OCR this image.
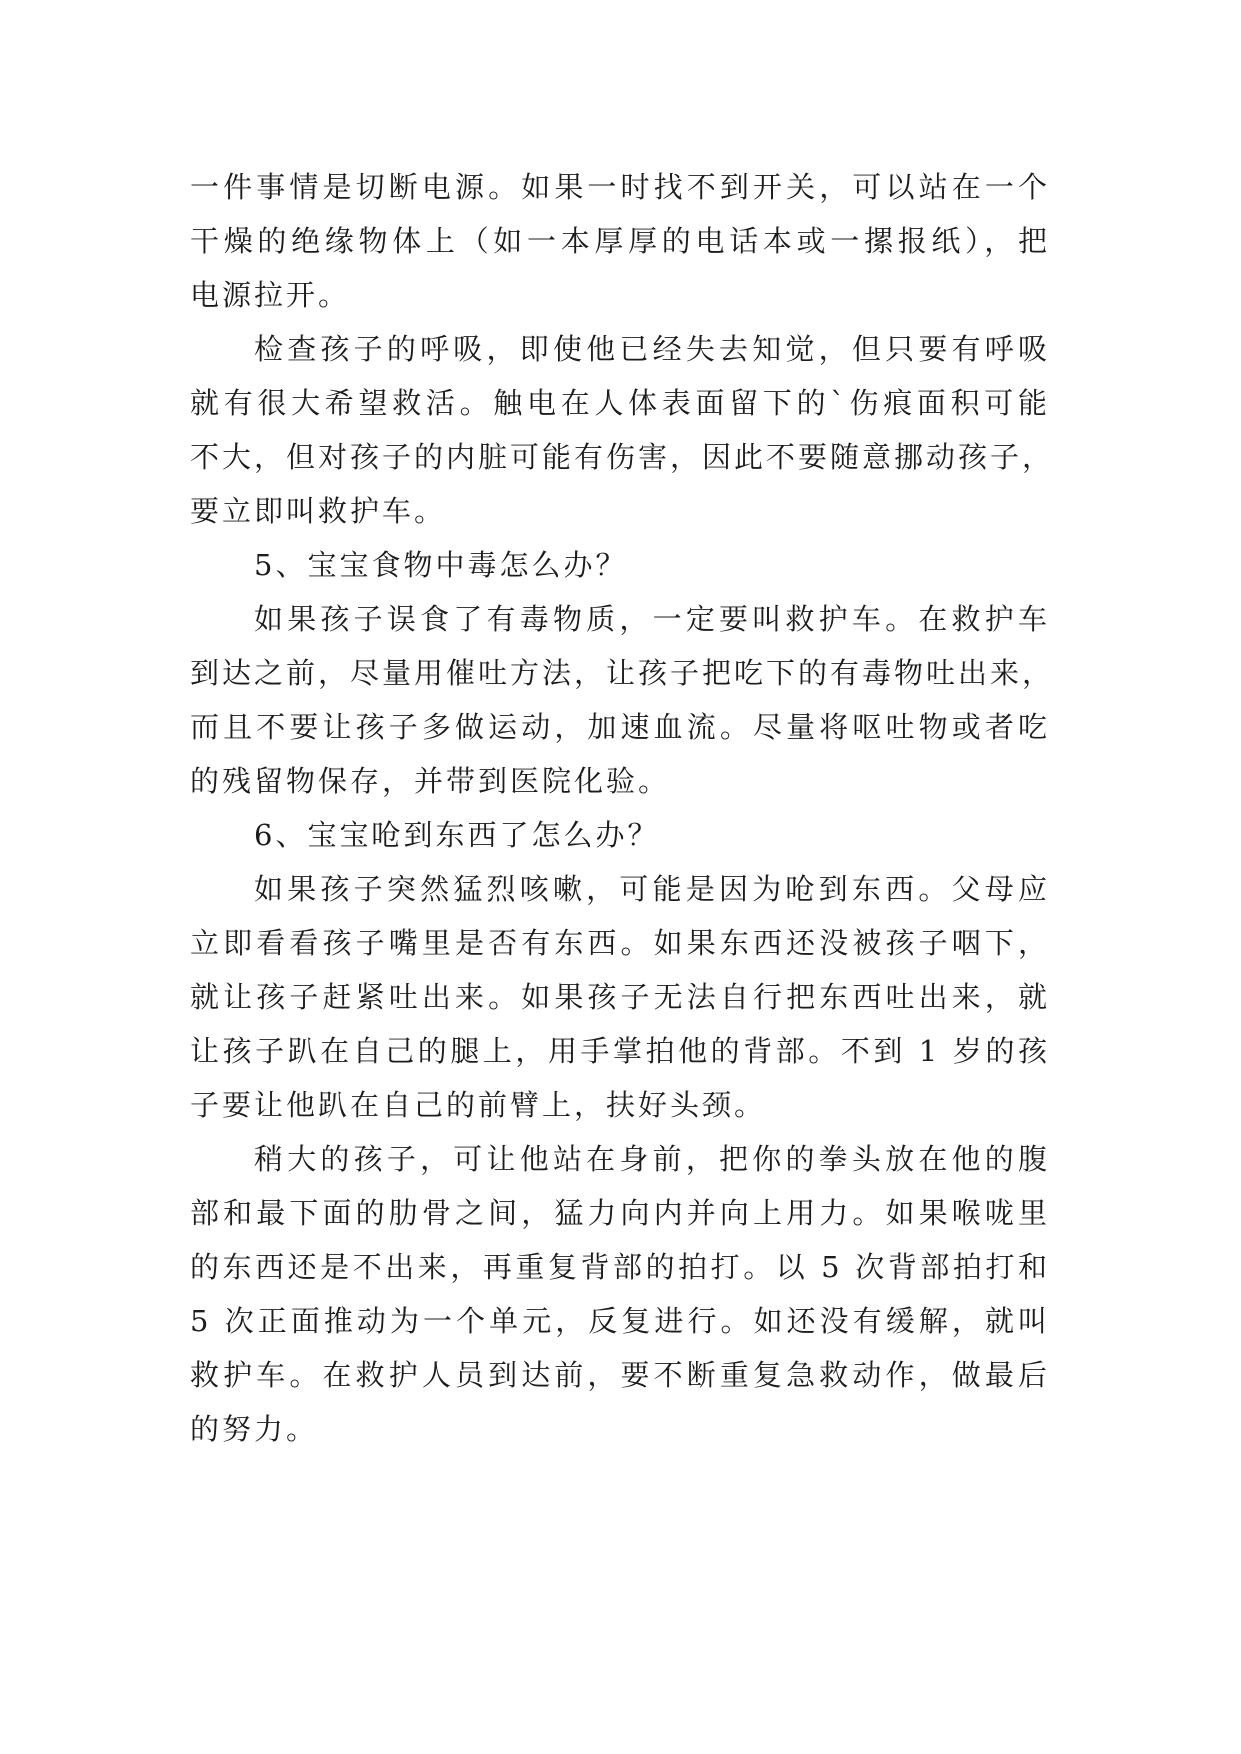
一件事情是切断电源。如果一时找不到开关，可以站在一个
干燥的绝缘物体上（如一本厚厚的电话本或一摞报纸），把
电源拉开。
检查孩子的呼吸，即使他已经失去知觉，但只要有呼吸
就有很大希望救活。触电在人体表面留下的`伤痕面积可能
不大，但对孩子的内脏可能有伤害，因此不要随意挪动孩子，
要立即叫救护车。
5、宝宝食物中毒怎么办？
如果孩子误食了有毒物质，一定要叫救护车。在救护车
到达之前，尽量用催吐方法，让孩子把吃下的有毒物吐出来，
而且不要让孩子多做运动，加速血流。尽量将呕吐物或者吃
的残留物保存，并带到医院化验。
6、宝宝呛到东西了怎么办？
如果孩子突然猛烈咳嗽，可能是因为呛到东西。父母应
立即看看孩子嘴里是否有东西。如果东西还没被孩子咽下，
就让孩子赶紧吐出来。如果孩子无法自行把东西吐出来，就
让孩子趴在自己的腿上，用手掌拍他的背部。不到 1 岁的孩
子要让他趴在自己的前臂上，扶好头颈。
稍大的孩子，可让他站在身前，把你的拳头放在他的腹
部和最下面的肋骨之间，猛力向内并向上用力。如果喉咙里
的东西还是不出来，再重复背部的拍打。以 5 次背部拍打和
5 次正面推动为一个单元，反复进行。如还没有缓解，就叫
救护车。在救护人员到达前，要不断重复急救动作，做最后
的努力。
